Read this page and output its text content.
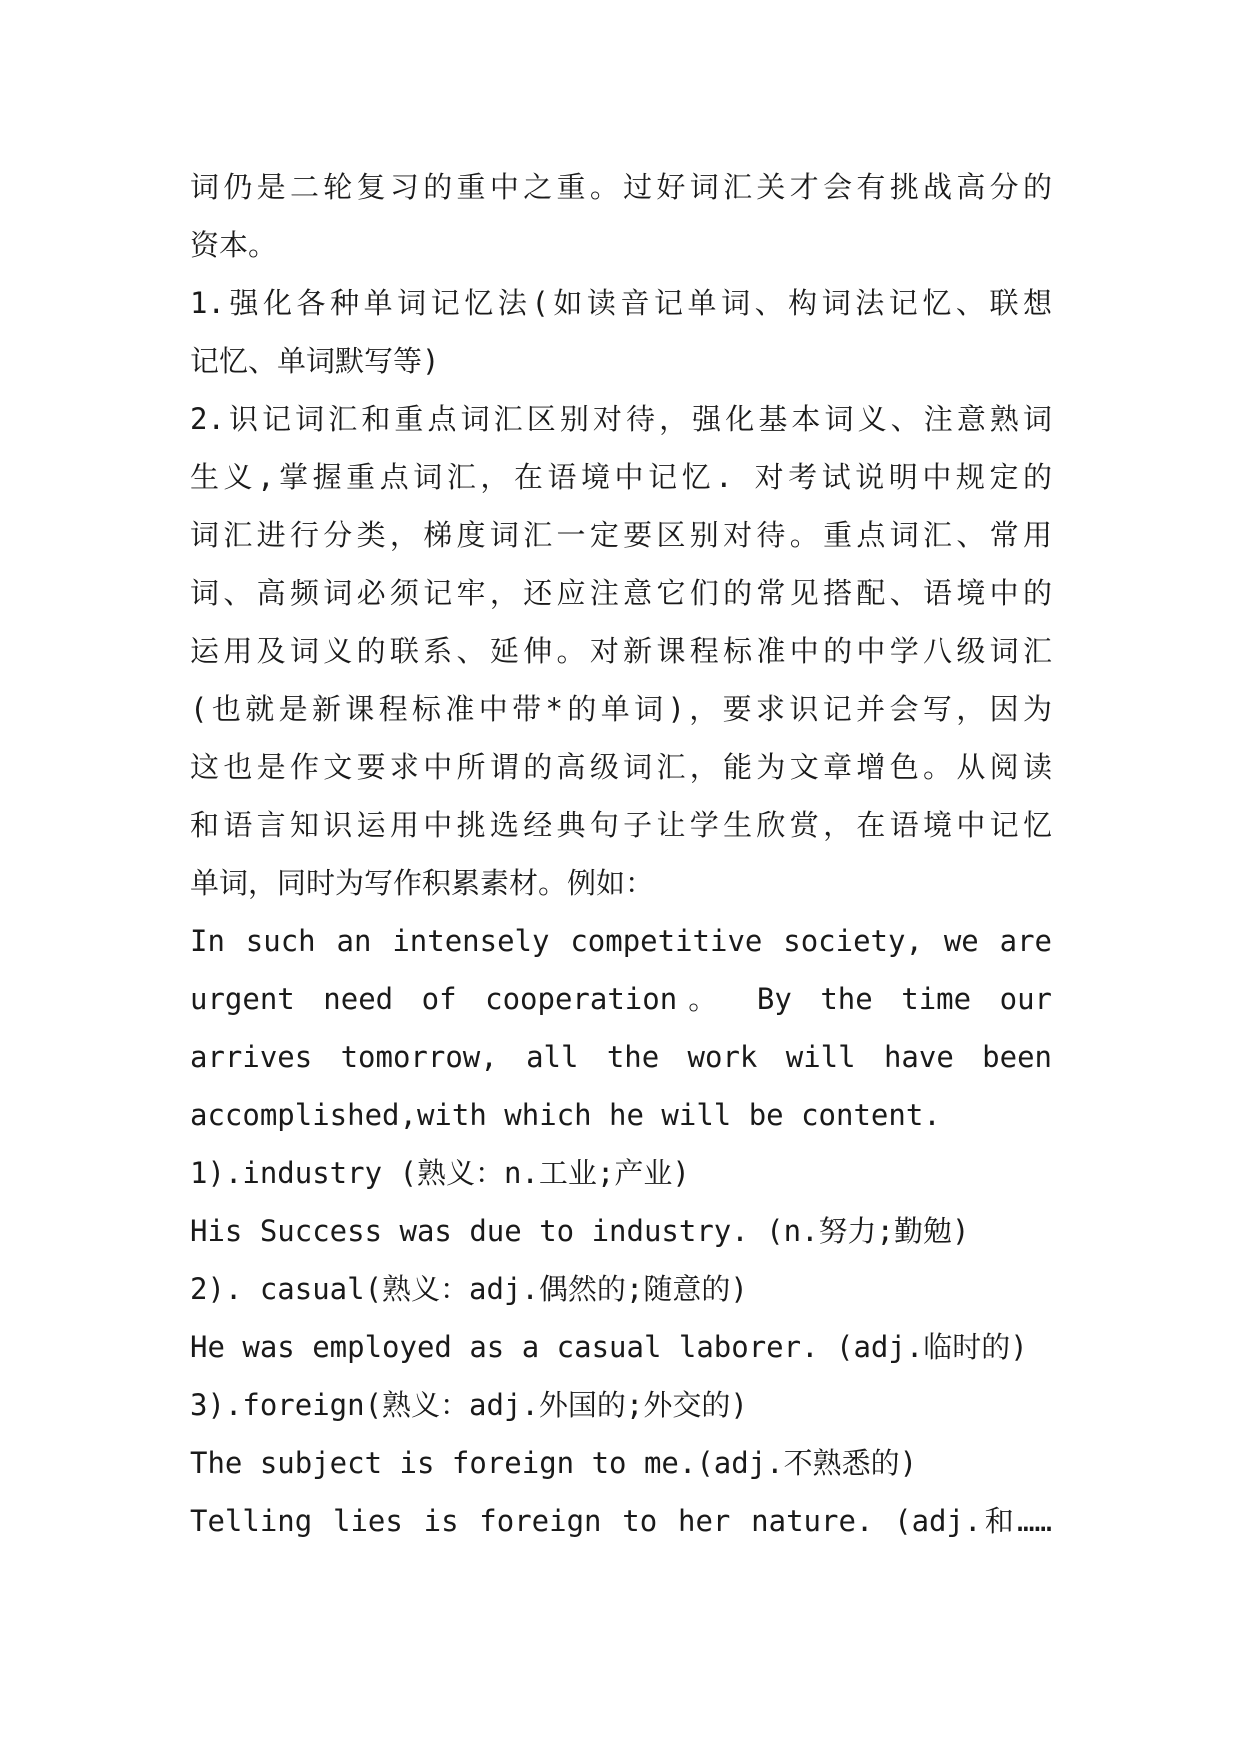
词仍是二轮复习的重中之重。过好词汇关才会有挑战高分的
资本。
1.强化各种单词记忆法(如读音记单词、构词法记忆、联想
记忆、单词默写等)
2.识记词汇和重点词汇区别对待，强化基本词义、注意熟词
生义,掌握重点词汇，在语境中记忆. 对考试说明中规定的
词汇进行分类，梯度词汇一定要区别对待。重点词汇、常用
词、高频词必须记牢，还应注意它们的常见搭配、语境中的
运用及词义的联系、延伸。对新课程标准中的中学八级词汇
(也就是新课程标准中带*的单词)，要求识记并会写，因为
这也是作文要求中所谓的高级词汇，能为文章增色。从阅读
和语言知识运用中挑选经典句子让学生欣赏，在语境中记忆
单词，同时为写作积累素材。例如：
In such an intensely competitive society, we are
urgent need of cooperation。 By the time our
arrives tomorrow, all the work will have been
accomplished,with which he will be content.
1).industry (熟义：n.工业;产业)
His Success was due to industry. (n.努力;勤勉)
2). casual(熟义：adj.偶然的;随意的)
He was employed as a casual laborer. (adj.临时的)
3).foreign(熟义：adj.外国的;外交的)
The subject is foreign to me.(adj.不熟悉的)
Telling lies is foreign to her nature. (adj.和……
